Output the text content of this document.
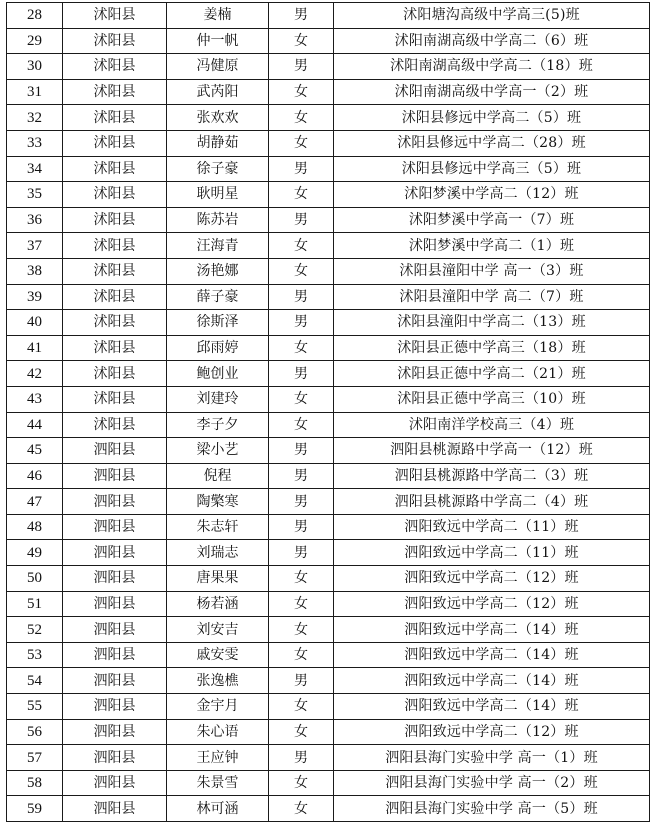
28	沭阳县	姜楠	男	沭阳塘沟高级中学高三(5)班
29	沭阳县	仲一帆	女	沭阳南湖高级中学高二（6）班
30	沭阳县	冯健原	男	沭阳南湖高级中学高二（18）班
31	沭阳县	武芮阳	女	沭阳南湖高级中学高一（2）班
32	沭阳县	张欢欢	女	沭阳县修远中学高二（5）班
33	沭阳县	胡静茹	女	沭阳县修远中学高二（28）班
34	沭阳县	徐子豪	男	沭阳县修远中学高三（5）班
35	沭阳县	耿明星	女	沭阳梦溪中学高二（12）班
36	沭阳县	陈苏岩	男	沭阳梦溪中学高一（7）班
37	沭阳县	汪海青	女	沭阳梦溪中学高二（1）班
38	沭阳县	汤艳娜	女	沭阳县潼阳中学 高一（3）班
39	沭阳县	薛子豪	男	沭阳县潼阳中学 高二（7）班
40	沭阳县	徐斯泽	男	沭阳县潼阳中学高二（13）班
41	沭阳县	邱雨婷	女	沭阳县正德中学高三（18）班
42	沭阳县	鲍创业	男	沭阳县正德中学高二（21）班
43	沭阳县	刘建玲	女	沭阳县正德中学高三（10）班
44	沭阳县	李子夕	女	沭阳南洋学校高三（4）班
45	泗阳县	梁小艺	男	泗阳县桃源路中学高一（12）班
46	泗阳县	倪程	男	泗阳县桃源路中学高二（3）班
47	泗阳县	陶檠寒	男	泗阳县桃源路中学高二（4）班
48	泗阳县	朱志轩	男	泗阳致远中学高二（11）班
49	泗阳县	刘瑞志	男	泗阳致远中学高二（11）班
50	泗阳县	唐果果	女	泗阳致远中学高二（12）班
51	泗阳县	杨若涵	女	泗阳致远中学高二（12）班
52	泗阳县	刘安吉	女	泗阳致远中学高二（14）班
53	泗阳县	戚安雯	女	泗阳致远中学高二（14）班
54	泗阳县	张逸樵	男	泗阳致远中学高二（14）班
55	泗阳县	金宇月	女	泗阳致远中学高二（14）班
56	泗阳县	朱心语	女	泗阳致远中学高二（12）班
57	泗阳县	王应钟	男	泗阳县海门实验中学 高一（1）班
58	泗阳县	朱景雪	女	泗阳县海门实验中学 高一（2）班
59	泗阳县	林可涵	女	泗阳县海门实验中学 高一（5）班
